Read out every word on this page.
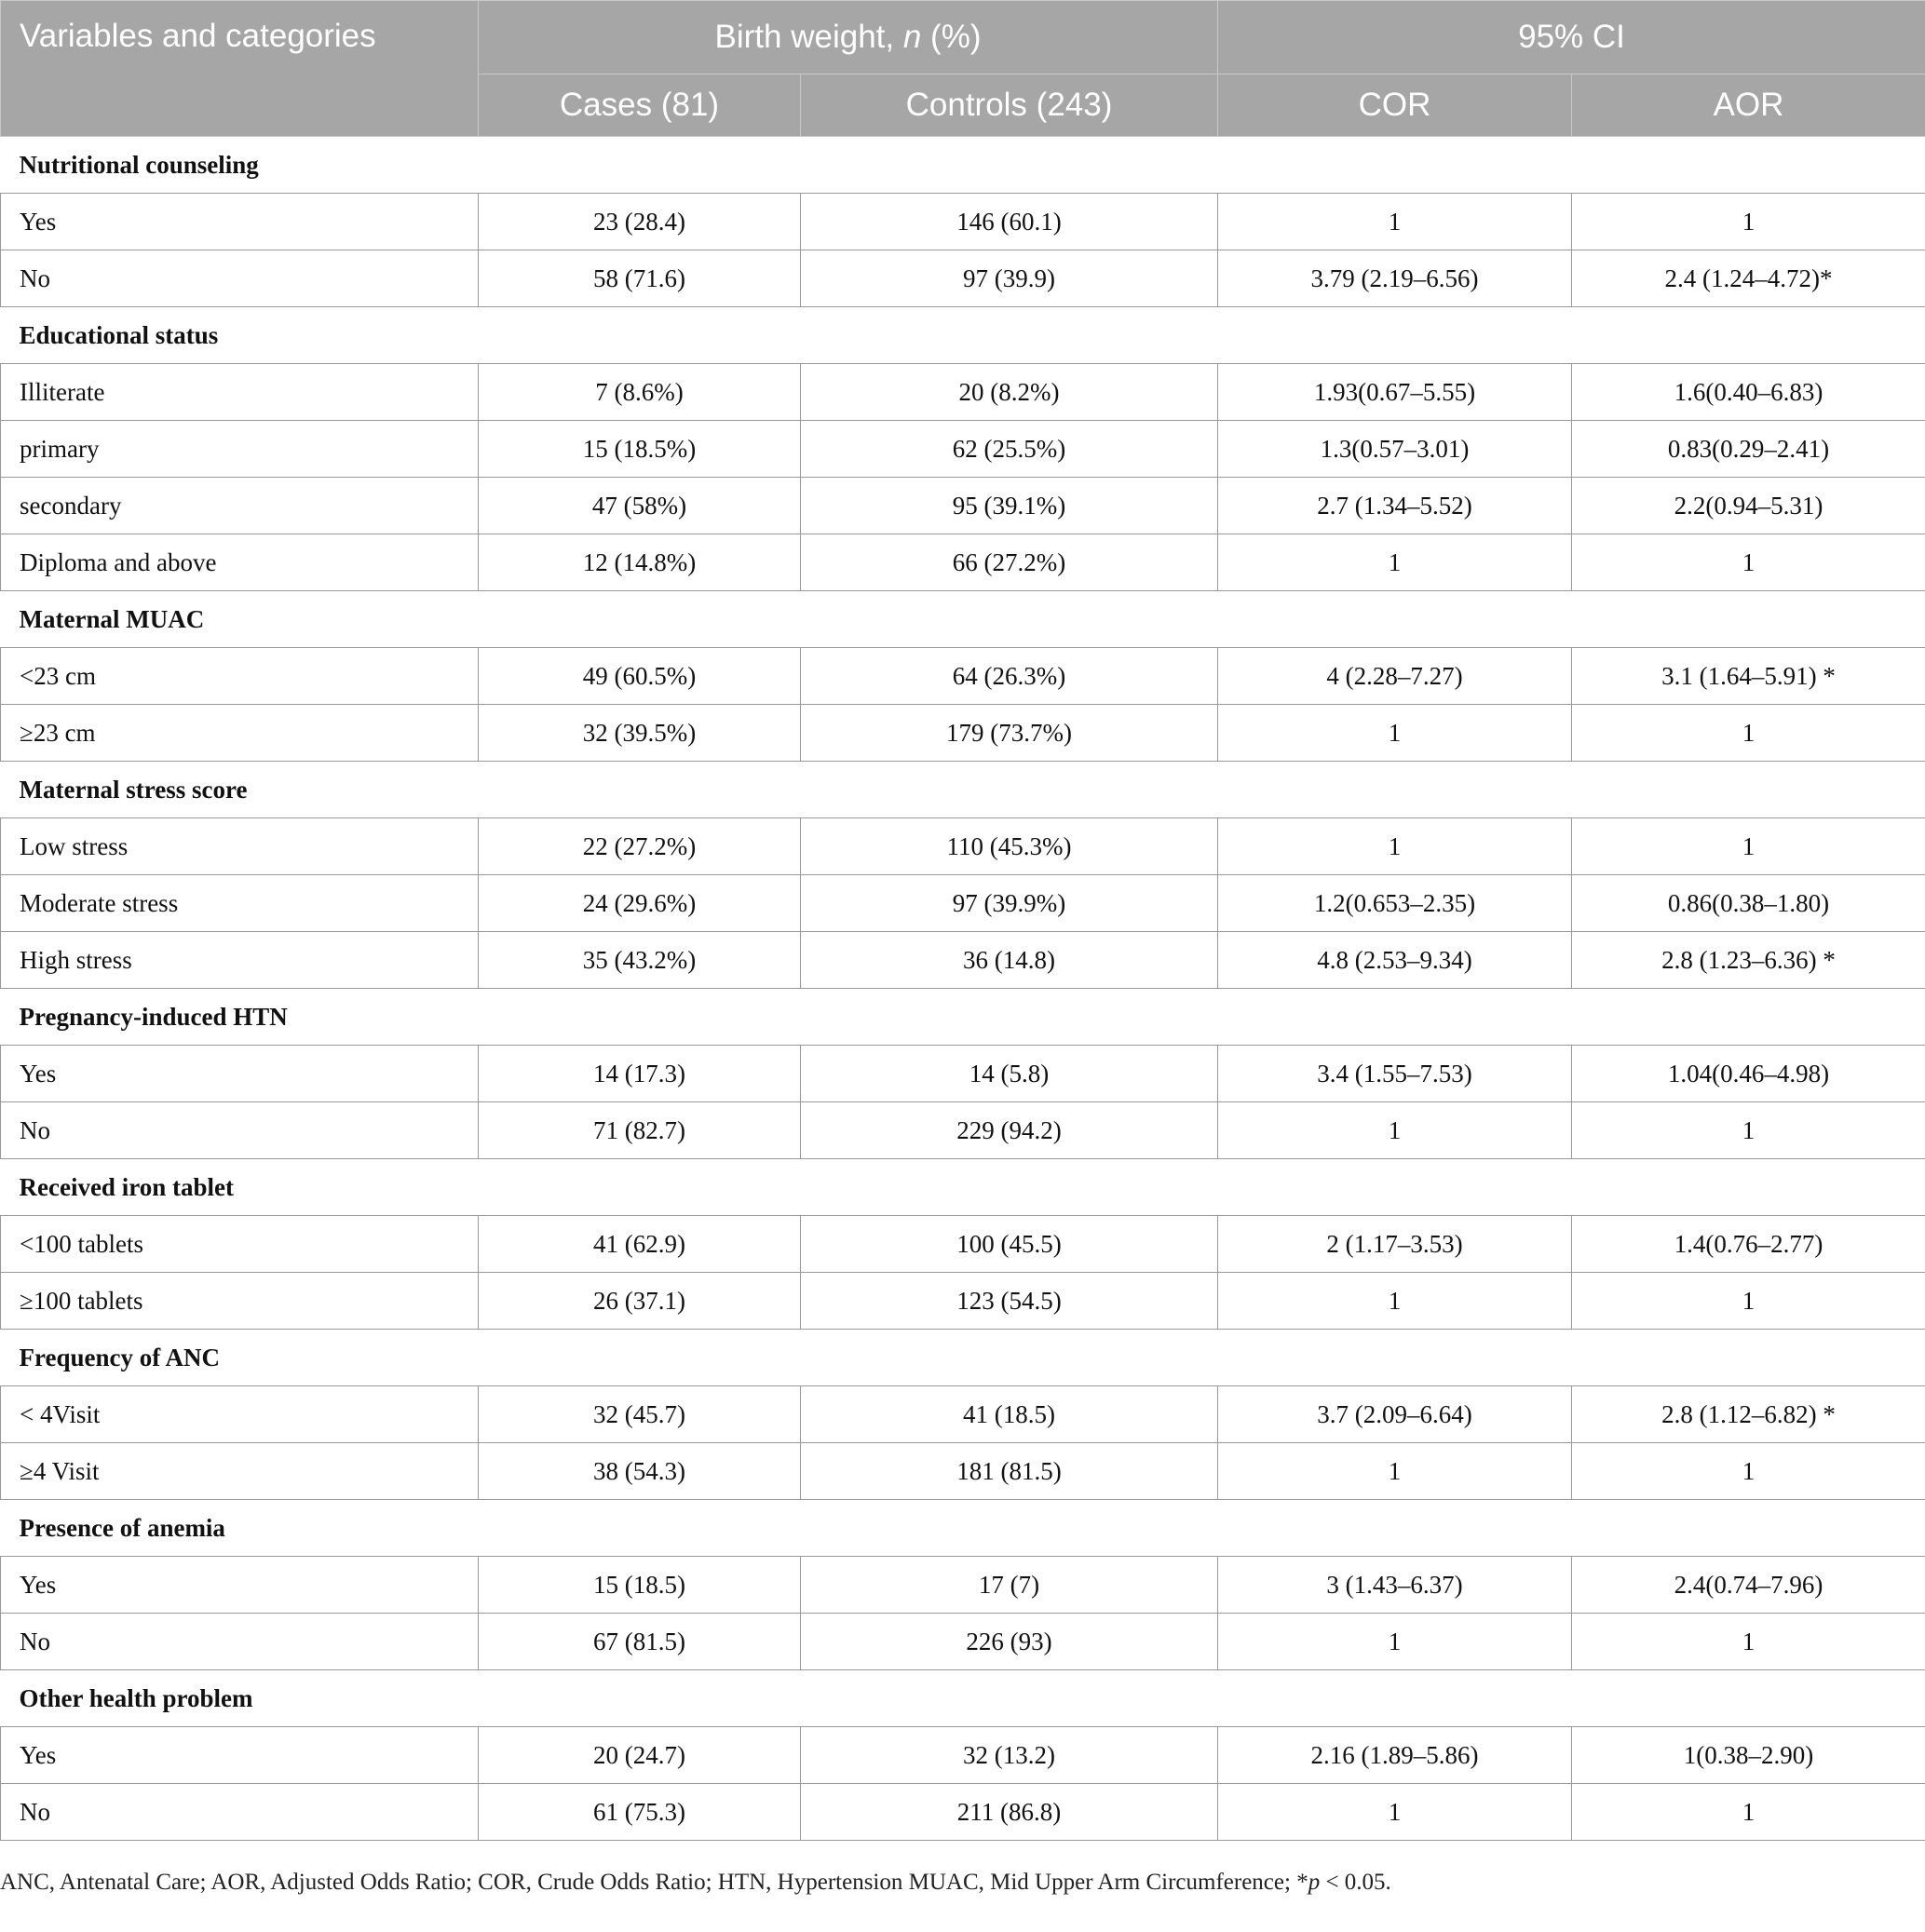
Variables and categories	Birth weight, n (%)		95% CI	
	Cases (81)	Controls (243)	COR	AOR
Nutritional counseling				
Yes	23 (28.4)	146 (60.1)	1	1
No	58 (71.6)	97 (39.9)	3.79 (2.19–6.56)	2.4 (1.24–4.72)*
Educational status				
Illiterate	7 (8.6%)	20 (8.2%)	1.93(0.67–5.55)	1.6(0.40–6.83)
primary	15 (18.5%)	62 (25.5%)	1.3(0.57–3.01)	0.83(0.29–2.41)
secondary	47 (58%)	95 (39.1%)	2.7 (1.34–5.52)	2.2(0.94–5.31)
Diploma and above	12 (14.8%)	66 (27.2%)	1	1
Maternal MUAC				
<23 cm	49 (60.5%)	64 (26.3%)	4 (2.28–7.27)	3.1 (1.64–5.91) *
≥23 cm	32 (39.5%)	179 (73.7%)	1	1
Maternal stress score				
Low stress	22 (27.2%)	110 (45.3%)	1	1
Moderate stress	24 (29.6%)	97 (39.9%)	1.2(0.653–2.35)	0.86(0.38–1.80)
High stress	35 (43.2%)	36 (14.8)	4.8 (2.53–9.34)	2.8 (1.23–6.36) *
Pregnancy-induced HTN				
Yes	14 (17.3)	14 (5.8)	3.4 (1.55–7.53)	1.04(0.46–4.98)
No	71 (82.7)	229 (94.2)	1	1
Received iron tablet				
<100 tablets	41 (62.9)	100 (45.5)	2 (1.17–3.53)	1.4(0.76–2.77)
≥100 tablets	26 (37.1)	123 (54.5)	1	1
Frequency of ANC				
< 4Visit	32 (45.7)	41 (18.5)	3.7 (2.09–6.64)	2.8 (1.12–6.82) *
≥4 Visit	38 (54.3)	181 (81.5)	1	1
Presence of anemia				
Yes	15 (18.5)	17 (7)	3 (1.43–6.37)	2.4(0.74–7.96)
No	67 (81.5)	226 (93)	1	1
Other health problem				
Yes	20 (24.7)	32 (13.2)	2.16 (1.89–5.86)	1(0.38–2.90)
No	61 (75.3)	211 (86.8)	1	1
ANC, Antenatal Care; AOR, Adjusted Odds Ratio; COR, Crude Odds Ratio; HTN, Hypertension MUAC, Mid Upper Arm Circumference; *p < 0.05.
